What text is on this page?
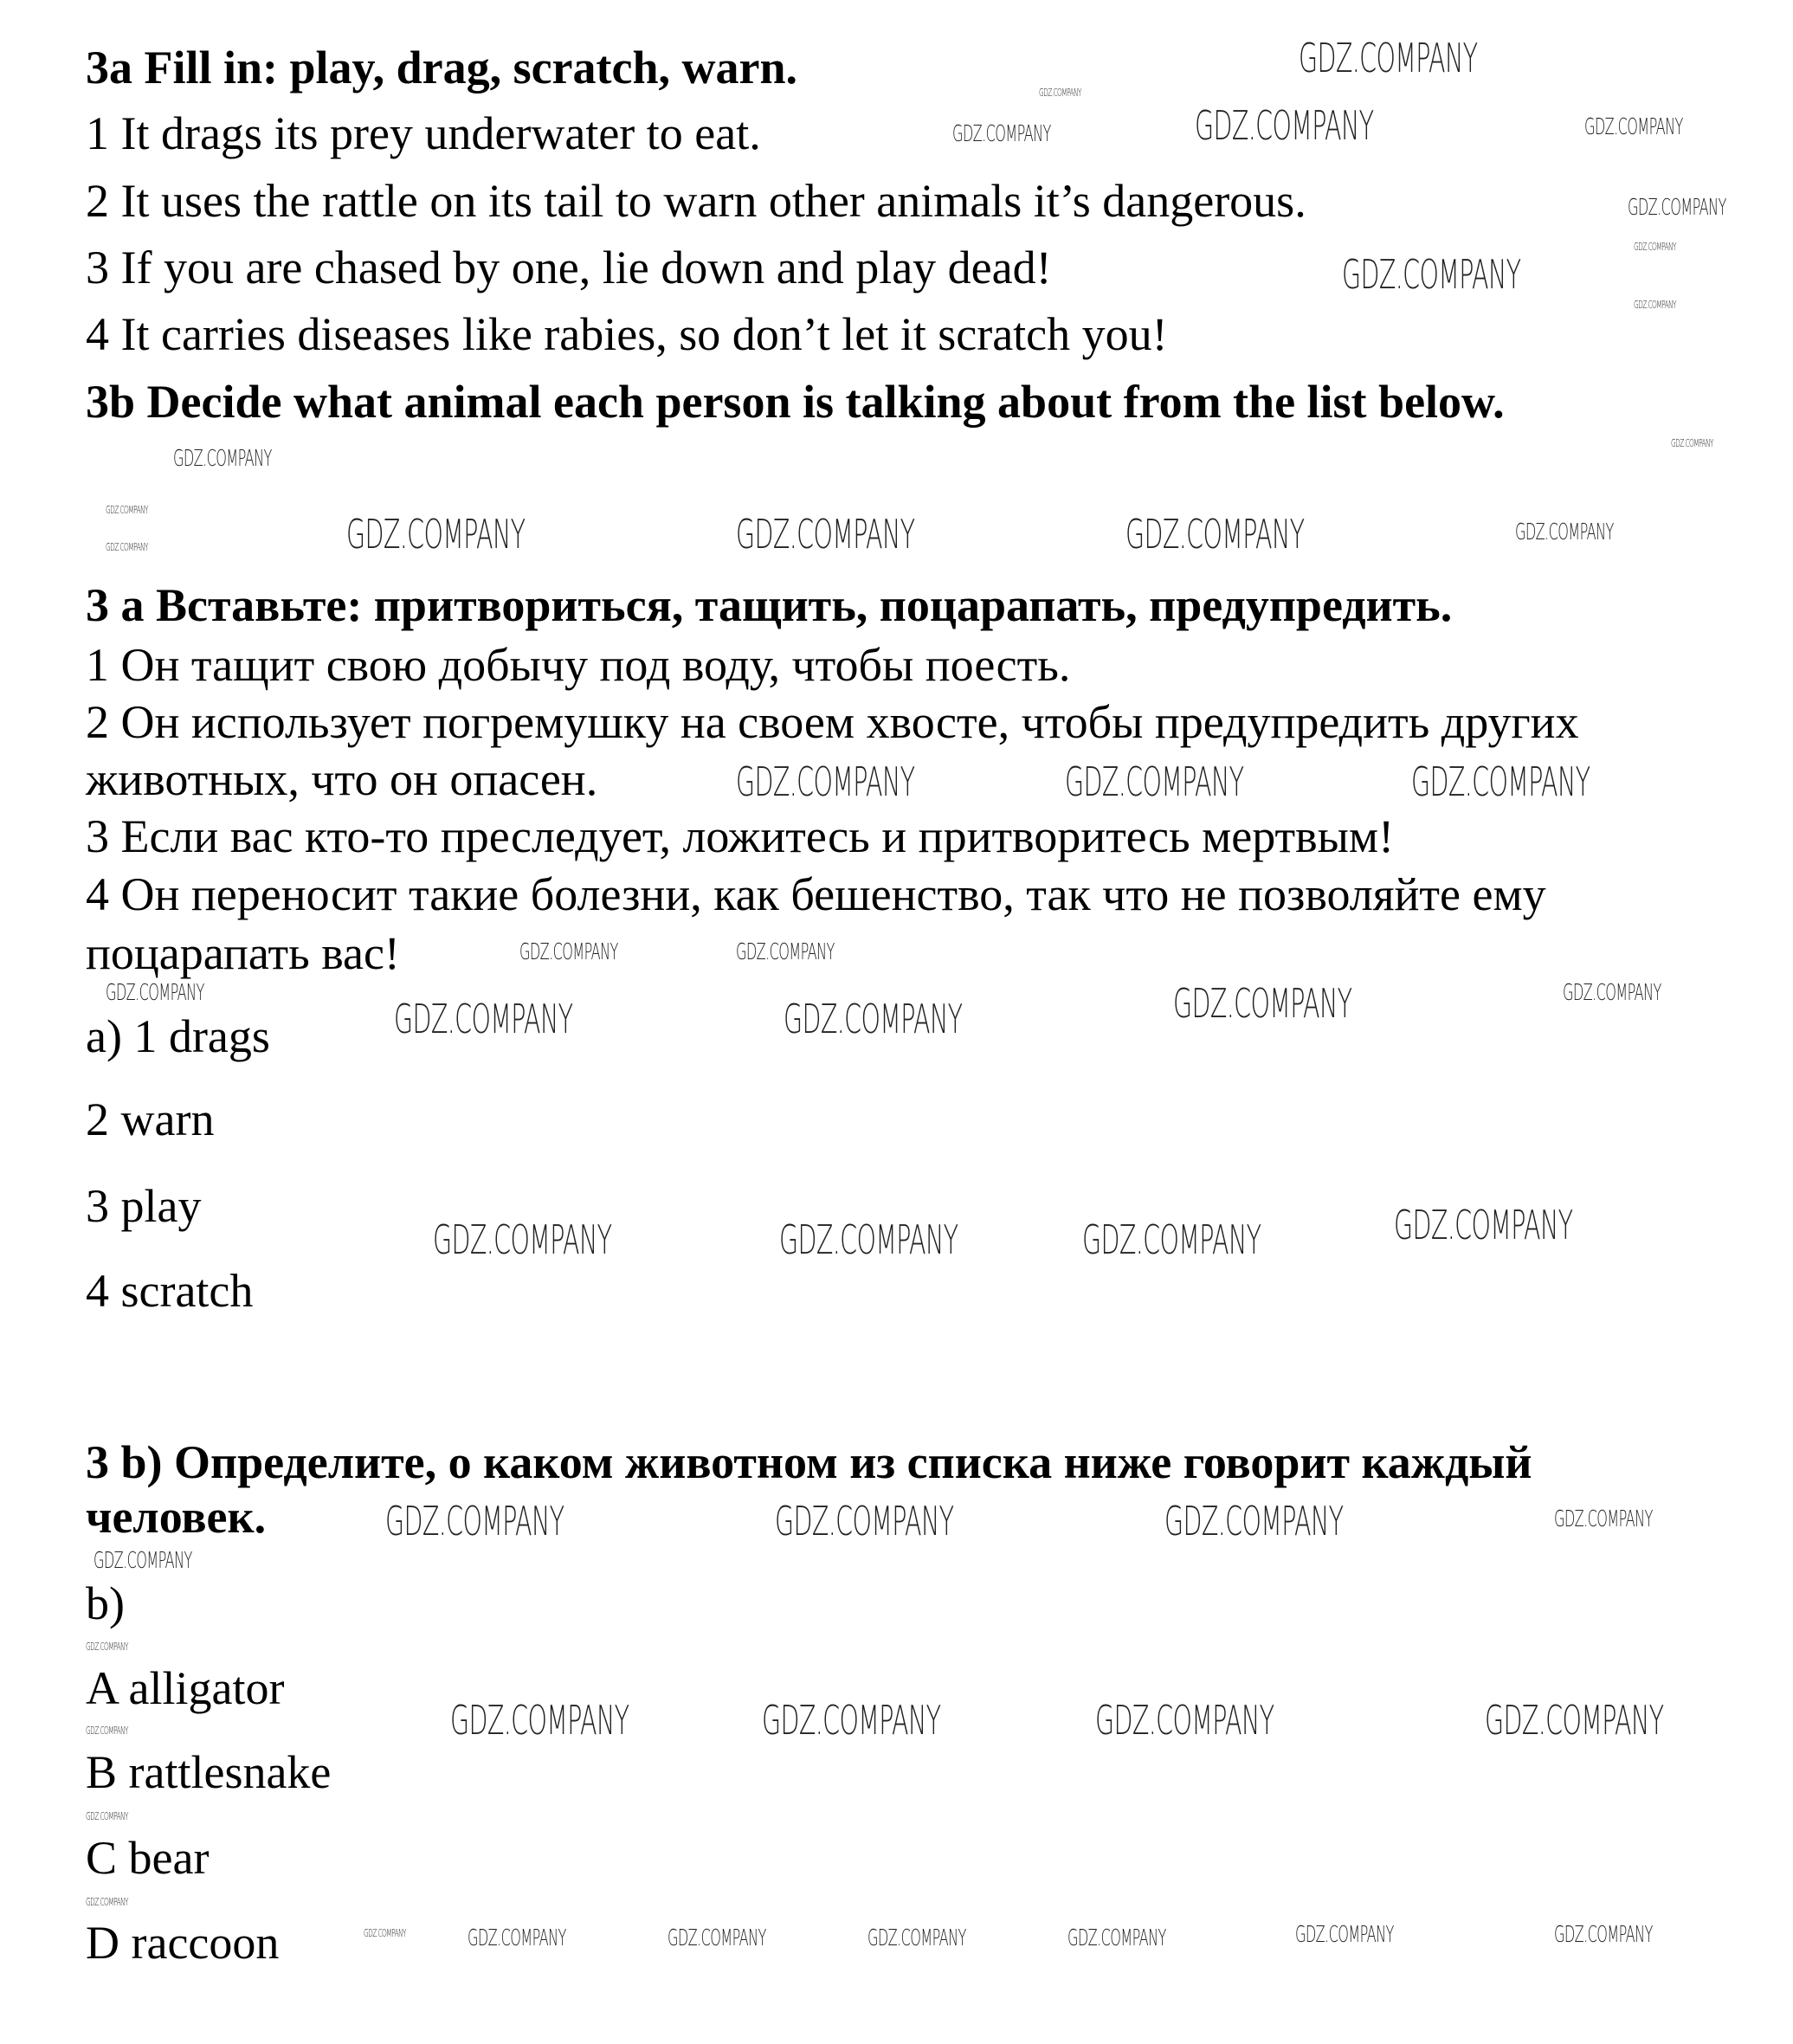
3a Fill in: play, drag, scratch, warn.
1 It drags its prey underwater to eat.
2 It uses the rattle on its tail to warn other animals it’s dangerous.
3 If you are chased by one, lie down and play dead!
4 It carries diseases like rabies, so don’t let it scratch you!
3b Decide what animal each person is talking about from the list below.
3 а Вставьте: притвориться, тащить, поцарапать, предупредить.
1 Он тащит свою добычу под воду, чтобы поесть.
2 Он использует погремушку на своем хвосте, чтобы предупредить других
животных, что он опасен.
3 Если вас кто-то преследует, ложитесь и притворитесь мертвым!
4 Он переносит такие болезни, как бешенство, так что не позволяйте ему
поцарапать вас!
a) 1 drags
2 warn
3 play
4 scratch
3 b) Определите, о каком животном из списка ниже говорит каждый
человек.
b)
A alligator
B rattlesnake
C bear
D raccoon
GDZ.COMPANY
GDZ.COMPANY
GDZ.COMPANY
GDZ.COMPANY
GDZ.COMPANY
GDZ.COMPANY
GDZ.COMPANY
GDZ.COMPANY
GDZ.COMPANY
GDZ.COMPANY
GDZ.COMPANY
GDZ.COMPANY
GDZ.COMPANY	GDZ.COMPANY	GDZ.COMPANY	GDZ.COMPANY	GDZ.COMPANY
GDZ.COMPANY	GDZ.COMPANY	GDZ.COMPANY
GDZ.COMPANY	GDZ.COMPANY
GDZ.COMPANY
GDZ.COMPANY	GDZ.COMPANY	GDZ.COMPANY	GDZ.COMPANY
GDZ.COMPANY	GDZ.COMPANY	GDZ.COMPANY	GDZ.COMPANY
GDZ.COMPANY
GDZ.COMPANY	GDZ.COMPANY	GDZ.COMPANY	GDZ.COMPANY
GDZ.COMPANY
GDZ.COMPANY
GDZ.COMPANY
GDZ.COMPANY
GDZ.COMPANY	GDZ.COMPANY	GDZ.COMPANY	GDZ.COMPANY
GDZ.COMPANY	GDZ.COMPANY	GDZ.COMPANY	GDZ.COMPANY	GDZ.COMPANY	GDZ.COMPANY	GDZ.COMPANY
